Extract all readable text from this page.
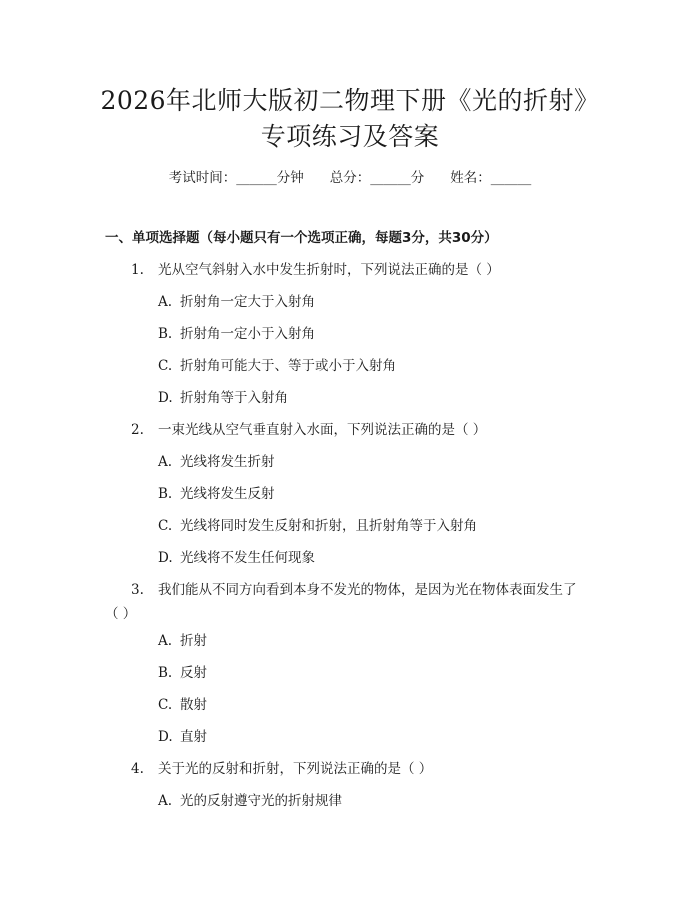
2026年北师大版初二物理下册《光的折射》
专项练习及答案
考试时间：______分钟 总分：______分 姓名：______
一、单项选择题（每小题只有一个选项正确，每题3分，共30分）
1. 光从空气斜射入水中发生折射时，下列说法正确的是（ ）
A. 折射角一定大于入射角
B. 折射角一定小于入射角
C. 折射角可能大于、等于或小于入射角
D. 折射角等于入射角
2. 一束光线从空气垂直射入水面，下列说法正确的是（ ）
A. 光线将发生折射
B. 光线将发生反射
C. 光线将同时发生反射和折射，且折射角等于入射角
D. 光线将不发生任何现象
3. 我们能从不同方向看到本身不发光的物体，是因为光在物体表面发生了
（ ）
A. 折射
B. 反射
C. 散射
D. 直射
4. 关于光的反射和折射，下列说法正确的是（ ）
A. 光的反射遵守光的折射规律
